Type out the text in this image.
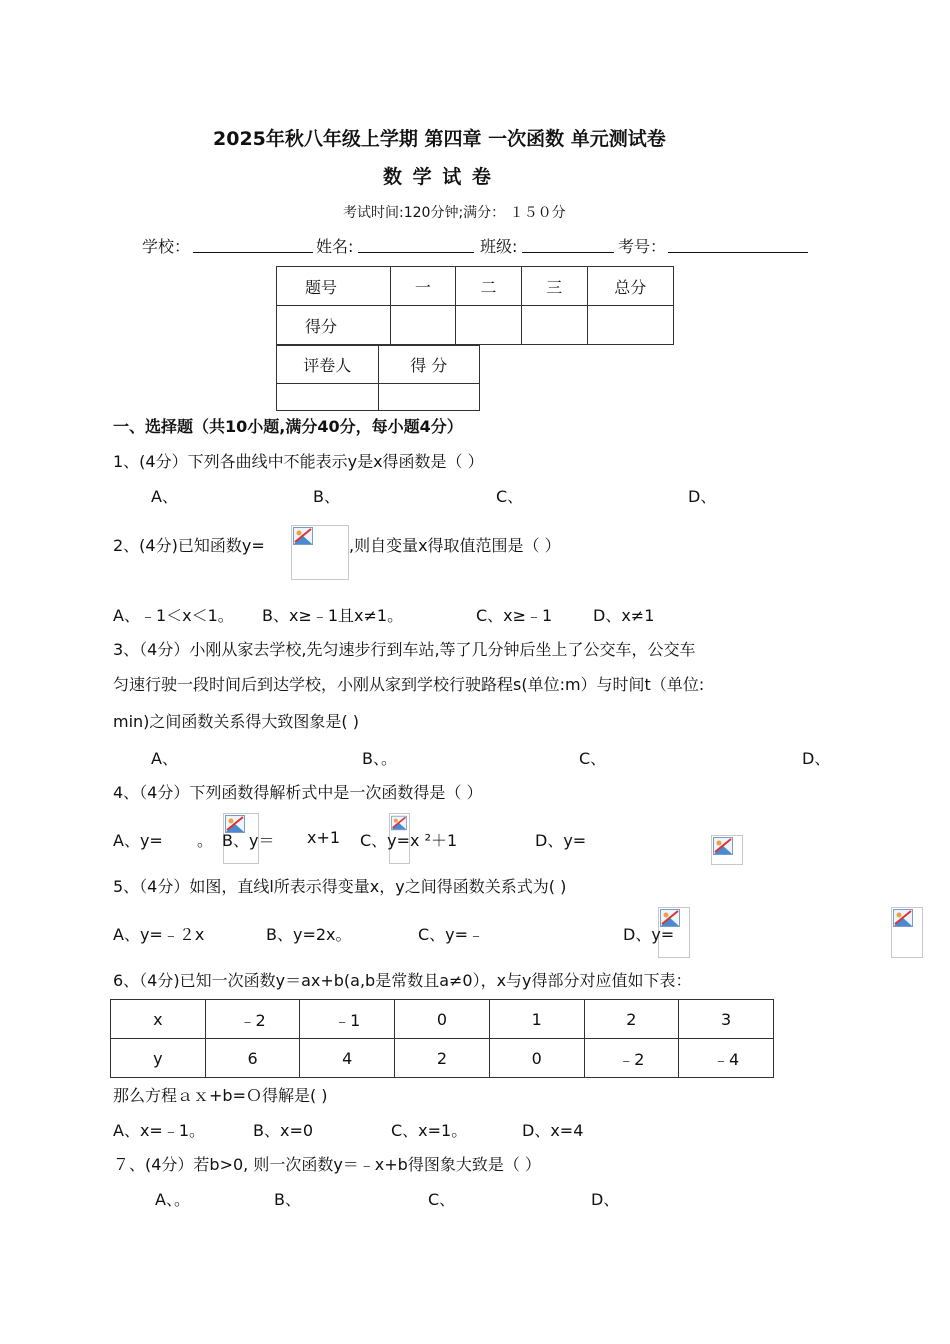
2025年秋八年级上学期 第四章 一次函数 单元测试卷
数 学 试 卷
考试时间:120分钟;满分： １５０分
学校：	姓名:	班级:	考号：
题号	一	二	三	总分
得分				
评卷人	得 分

一、选择题（共10小题,满分40分，每小题4分）
1、(4分）下列各曲线中不能表示y是x得函数是（ ）
A、	B、	C、	D、
2、(4分)已知函数y=
	,则自变量x得取值范围是（ ）
A、﹣1＜x＜1。 B、x≥﹣1且x≠1。	C、x≥﹣1	D、x≠1
3、（4分）小刚从家去学校,先匀速步行到车站,等了几分钟后坐上了公交车，公交车
匀速行驶一段时间后到达学校，小刚从家到学校行驶路程s(单位:m）与时间t（单位:
min)之间函数关系得大致图象是( )
A、	B、。	C、	D、
4、（4分）下列函数得解析式中是一次函数得是（ ）
A、y=
。 B、y＝
x+1 C、y=x ²＋1	D、y=

5、（4分）如图，直线l所表示得变量x，y之间得函数关系式为( )
A、y=﹣２x	B、y=2x。	C、y=﹣
	D、y=
6、（4分)已知一次函数y＝ax+b(a,b是常数且a≠0），x与y得部分对应值如下表：
x	﹣2	﹣1	0	1	2	3
y	6	4	2	0	﹣2	﹣4
那么方程ａｘ+b=Ｏ得解是( )
A、x=﹣1。	B、x=0	C、x=1。	D、x=4
７、(4分）若b>0, 则一次函数y＝﹣x+b得图象大致是（ ）
A、。	B、	C、	D、
